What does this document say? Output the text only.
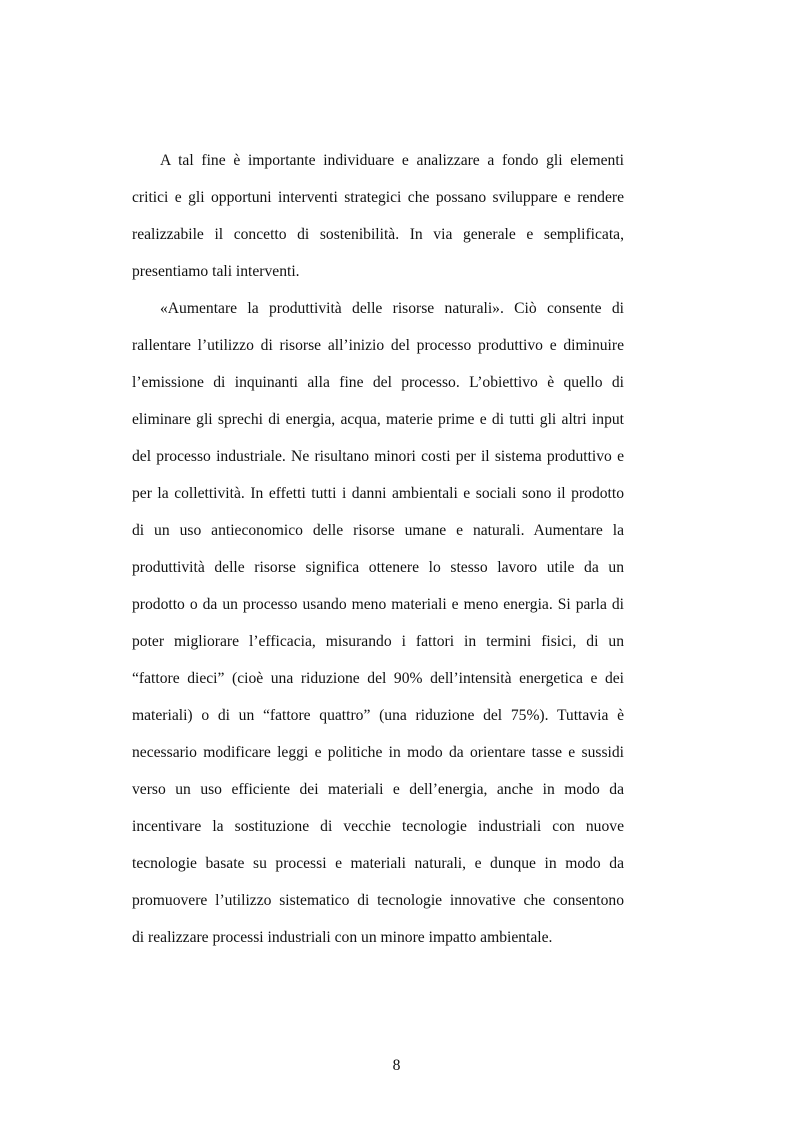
A tal fine è importante individuare e analizzare a fondo gli elementi
critici e gli opportuni interventi strategici che possano sviluppare e rendere
realizzabile il concetto di sostenibilità. In via generale e semplificata,
presentiamo tali interventi.
«Aumentare la produttività delle risorse naturali». Ciò consente di
rallentare l’utilizzo di risorse all’inizio del processo produttivo e diminuire
l’emissione di inquinanti alla fine del processo. L’obiettivo è quello di
eliminare gli sprechi di energia, acqua, materie prime e di tutti gli altri input
del processo industriale. Ne risultano minori costi per il sistema produttivo e
per la collettività. In effetti tutti i danni ambientali e sociali sono il prodotto
di un uso antieconomico delle risorse umane e naturali. Aumentare la
produttività delle risorse significa ottenere lo stesso lavoro utile da un
prodotto o da un processo usando meno materiali e meno energia. Si parla di
poter migliorare l’efficacia, misurando i fattori in termini fisici, di un
“fattore dieci” (cioè una riduzione del 90% dell’intensità energetica e dei
materiali) o di un “fattore quattro” (una riduzione del 75%). Tuttavia è
necessario modificare leggi e politiche in modo da orientare tasse e sussidi
verso un uso efficiente dei materiali e dell’energia, anche in modo da
incentivare la sostituzione di vecchie tecnologie industriali con nuove
tecnologie basate su processi e materiali naturali, e dunque in modo da
promuovere l’utilizzo sistematico di tecnologie innovative che consentono
di realizzare processi industriali con un minore impatto ambientale.
8
